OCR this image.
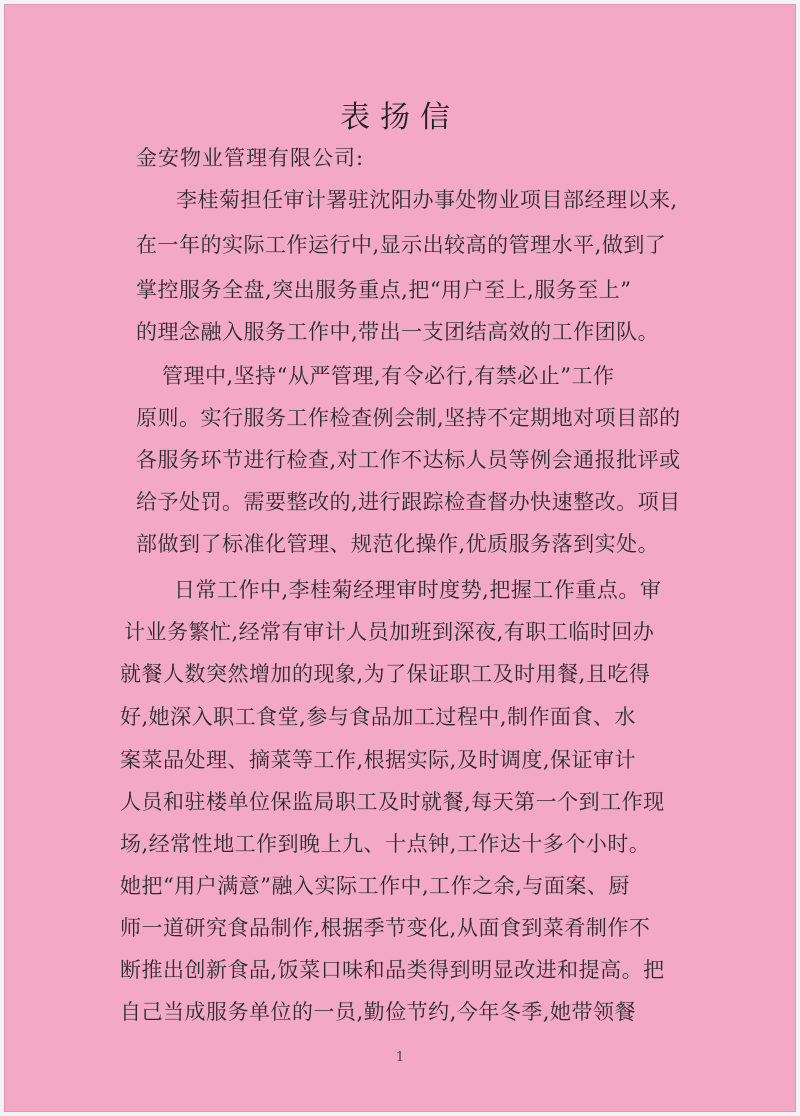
表扬信
金安物业管理有限公司:
李桂菊担任审计署驻沈阳办事处物业项目部经理以来,
在一年的实际工作运行中,显示出较高的管理水平,做到了
掌控服务全盘,突出服务重点,把“用户至上,服务至上”
的理念融入服务工作中,带出一支团结高效的工作团队。
管理中,坚持“从严管理,有令必行,有禁必止”工作
原则。实行服务工作检查例会制,坚持不定期地对项目部的
各服务环节进行检查,对工作不达标人员等例会通报批评或
给予处罚。需要整改的,进行跟踪检查督办快速整改。项目
部做到了标准化管理、规范化操作,优质服务落到实处。
日常工作中,李桂菊经理审时度势,把握工作重点。审
计业务繁忙,经常有审计人员加班到深夜,有职工临时回办
就餐人数突然增加的现象,为了保证职工及时用餐,且吃得
好,她深入职工食堂,参与食品加工过程中,制作面食、水
案菜品处理、摘菜等工作,根据实际,及时调度,保证审计
人员和驻楼单位保监局职工及时就餐,每天第一个到工作现
场,经常性地工作到晚上九、十点钟,工作达十多个小时。
她把“用户满意”融入实际工作中,工作之余,与面案、厨
师一道研究食品制作,根据季节变化,从面食到菜肴制作不
断推出创新食品,饭菜口味和品类得到明显改进和提高。把
自己当成服务单位的一员,勤俭节约,今年冬季,她带领餐
1
